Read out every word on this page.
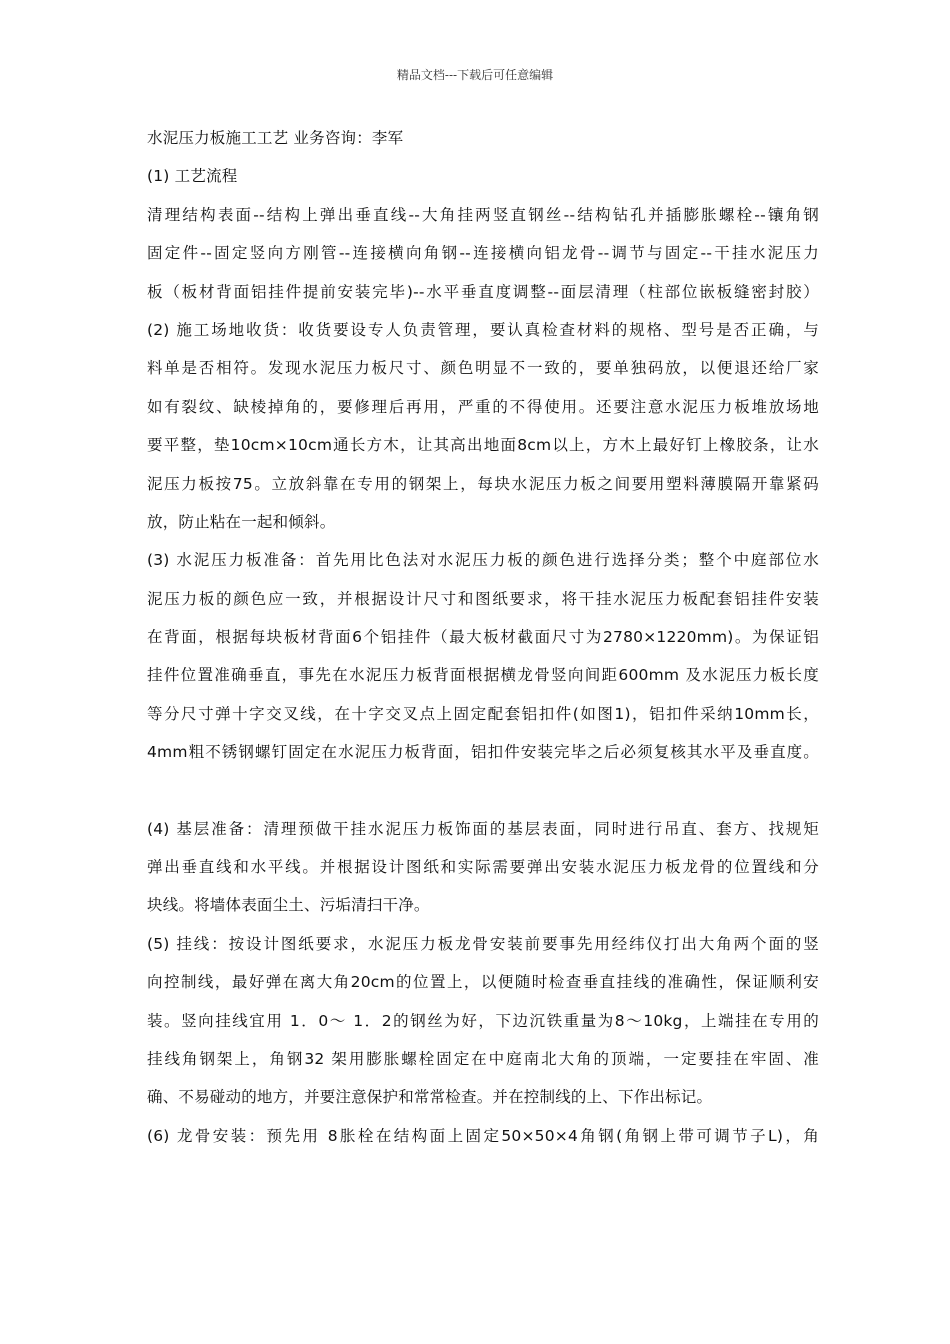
精品文档---下载后可任意编辑
水泥压力板施工工艺 业务咨询：李军
(1) 工艺流程
清理结构表面--结构上弹出垂直线--大角挂两竖直钢丝--结构钻孔并插膨胀螺栓--镶角钢
固定件--固定竖向方刚管--连接横向角钢--连接横向铝龙骨--调节与固定--干挂水泥压力
板（板材背面铝挂件提前安装完毕)--水平垂直度调整--面层清理（柱部位嵌板缝密封胶）
(2) 施工场地收货：收货要设专人负责管理，要认真检查材料的规格、型号是否正确，与
料单是否相符。发现水泥压力板尺寸、颜色明显不一致的，要单独码放，以便退还给厂家
如有裂纹、缺棱掉角的，要修理后再用，严重的不得使用。还要注意水泥压力板堆放场地
要平整，垫10cm×10cm通长方木，让其高出地面8cm以上，方木上最好钉上橡胶条，让水
泥压力板按75。立放斜靠在专用的钢架上，每块水泥压力板之间要用塑料薄膜隔开靠紧码
放，防止粘在一起和倾斜。
(3) 水泥压力板准备：首先用比色法对水泥压力板的颜色进行选择分类；整个中庭部位水
泥压力板的颜色应一致，并根据设计尺寸和图纸要求，将干挂水泥压力板配套铝挂件安装
在背面，根据每块板材背面6个铝挂件（最大板材截面尺寸为2780×1220mm)。为保证铝
挂件位置准确垂直，事先在水泥压力板背面根据横龙骨竖向间距600mm 及水泥压力板长度
等分尺寸弹十字交叉线，在十字交叉点上固定配套铝扣件(如图1)，铝扣件采纳10mm长，
4mm粗不锈钢螺钉固定在水泥压力板背面，铝扣件安装完毕之后必须复核其水平及垂直度。
(4) 基层准备：清理预做干挂水泥压力板饰面的基层表面，同时进行吊直、套方、找规矩
弹出垂直线和水平线。并根据设计图纸和实际需要弹出安装水泥压力板龙骨的位置线和分
块线。将墙体表面尘土、污垢清扫干净。
(5) 挂线：按设计图纸要求，水泥压力板龙骨安装前要事先用经纬仪打出大角两个面的竖
向控制线，最好弹在离大角20cm的位置上，以便随时检查垂直挂线的准确性，保证顺利安
装。竖向挂线宜用 1．0～ 1．2的钢丝为好，下边沉铁重量为8～10kg，上端挂在专用的
挂线角钢架上，角钢32 架用膨胀螺栓固定在中庭南北大角的顶端，一定要挂在牢固、准
确、不易碰动的地方，并要注意保护和常常检查。并在控制线的上、下作出标记。
(6) 龙骨安装：预先用 8胀栓在结构面上固定50×50×4角钢(角钢上带可调节子L)，角
